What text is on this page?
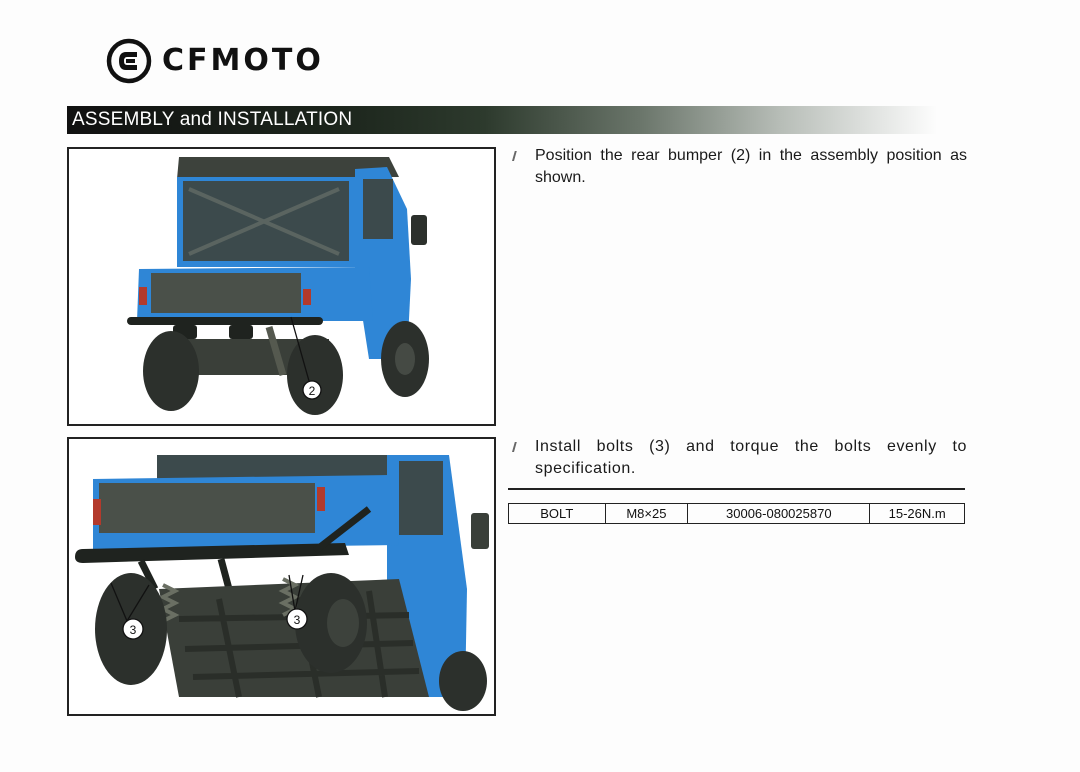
CFMOTO
ASSEMBLY and INSTALLATION
2
3
3
//	Position the rear bumper (2) in the assembly position as shown.
//	Install bolts (3) and torque the bolts evenly to specification.
BOLT	M8×25	30006-080025870	15-26N.m
